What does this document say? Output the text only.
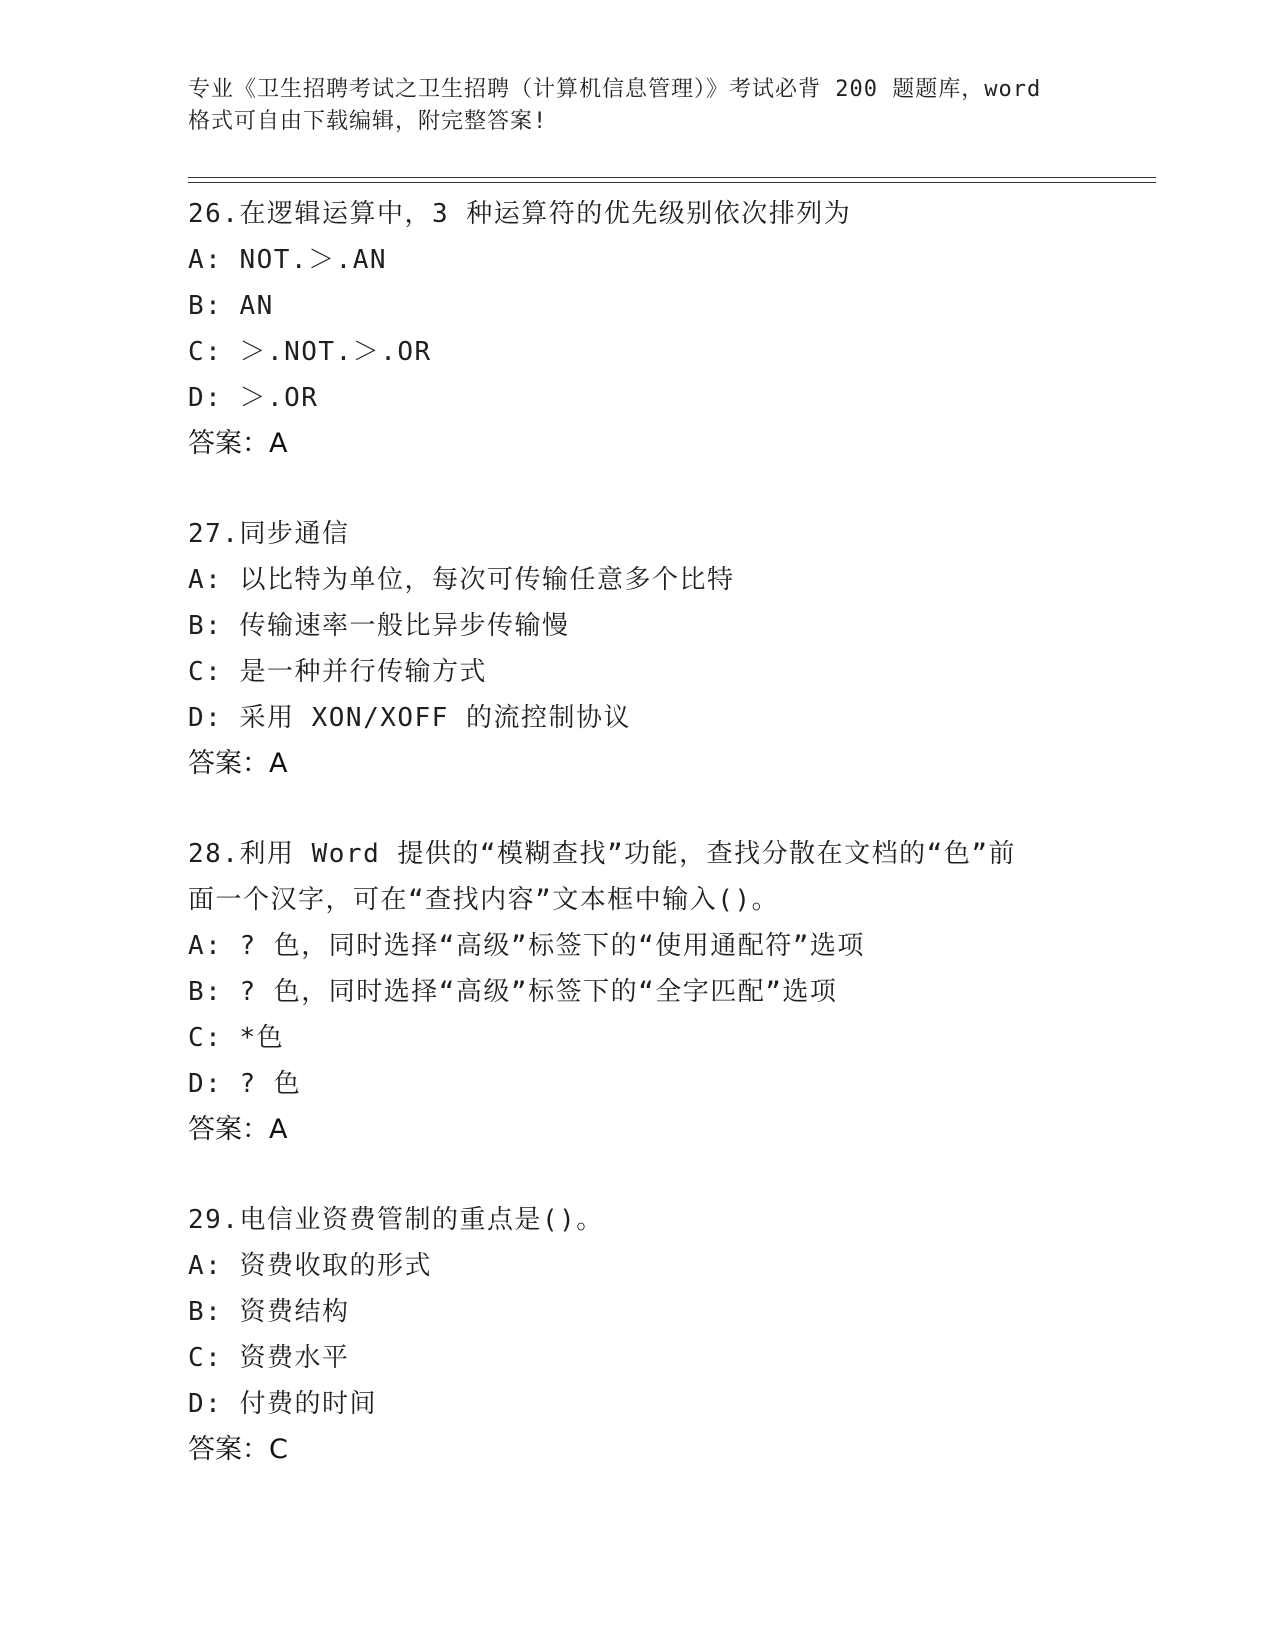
专业《卫生招聘考试之卫生招聘（计算机信息管理）》考试必背 200 题题库，word
格式可自由下载编辑，附完整答案!
26.在逻辑运算中，3 种运算符的优先级别依次排列为
A: NOT.＞.AN
B: AN
C: ＞.NOT.＞.OR
D: ＞.OR
答案：A
27.同步通信
A: 以比特为单位，每次可传输任意多个比特
B: 传输速率一般比异步传输慢
C: 是一种并行传输方式
D: 采用 XON/XOFF 的流控制协议
答案：A
28.利用 Word 提供的“模糊查找”功能，查找分散在文档的“色”前
面一个汉字，可在“查找内容”文本框中输入()。
A: ? 色，同时选择“高级”标签下的“使用通配符”选项
B: ? 色，同时选择“高级”标签下的“全字匹配”选项
C: *色
D: ? 色
答案：A
29.电信业资费管制的重点是()。
A: 资费收取的形式
B: 资费结构
C: 资费水平
D: 付费的时间
答案：C
